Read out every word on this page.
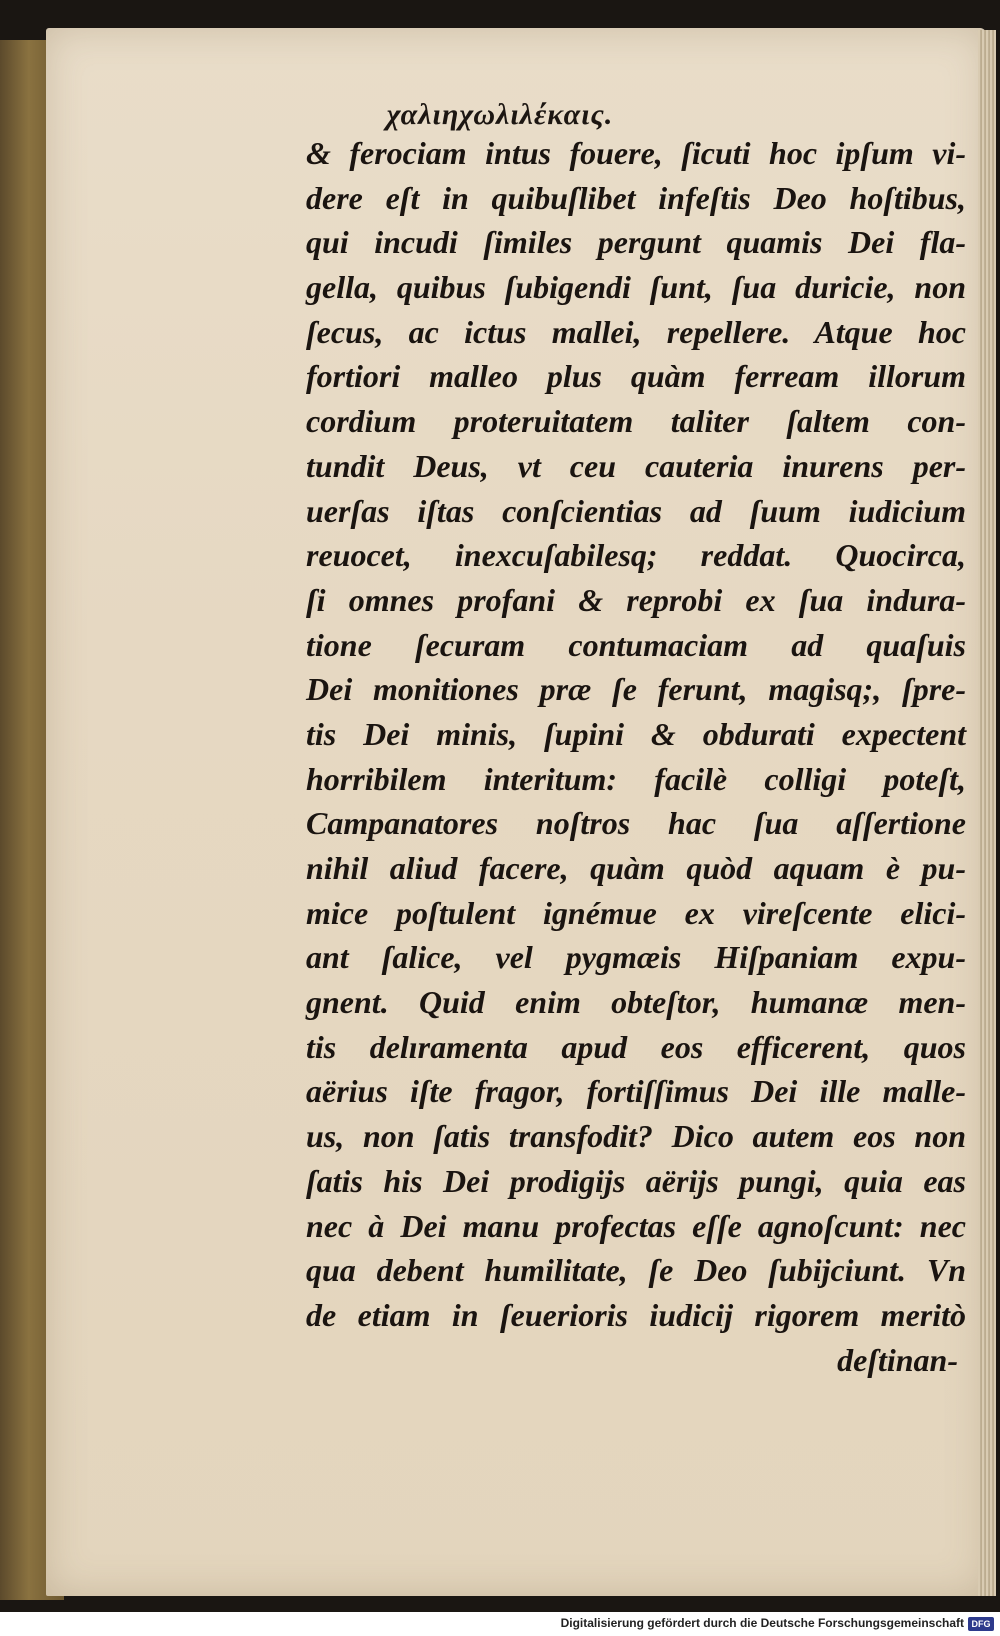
χαλιηχωλιλέκαις.
& ferociam intus fouere, ſicuti hoc ipſum vi-
dere eſt in quibuſlibet infeſtis Deo hoſtibus,
qui incudi ſimiles pergunt quamis Dei fla-
gella, quibus ſubigendi ſunt, ſua duricie, non
ſecus, ac ictus mallei, repellere. Atque hoc
fortiori malleo plus quàm ferream illorum
cordium proteruitatem taliter ſaltem con-
tundit Deus, vt ceu cauteria inurens per-
uerſas iſtas conſcientias ad ſuum iudicium
reuocet, inexcuſabilesq; reddat. Quocirca,
ſi omnes profani & reprobi ex ſua indura-
tione ſecuram contumaciam ad quaſuis
Dei monitiones præ ſe ferunt, magisq;, ſpre-
tis Dei minis, ſupini & obdurati expectent
horribilem interitum: facilè colligi poteſt,
Campanatores noſtros hac ſua aſſertione
nihil aliud facere, quàm quòd aquam è pu-
mice poſtulent ignémue ex vireſcente elici-
ant ſalice, vel pygmæis Hiſpaniam expu-
gnent. Quid enim obteſtor, humanæ men-
tis delıramenta apud eos efficerent, quos
aërius iſte fragor, fortiſſimus Dei ille malle-
us, non ſatis transfodit? Dico autem eos non
ſatis his Dei prodigijs aërijs pungi, quia eas
nec à Dei manu profectas eſſe agnoſcunt: nec
qua debent humilitate, ſe Deo ſubijciunt. Vn
de etiam in ſeuerioris iudicij rigorem meritò
deſtinan-
Digitalisierung gefördert durch die Deutsche Forschungsgemeinschaft DFG
